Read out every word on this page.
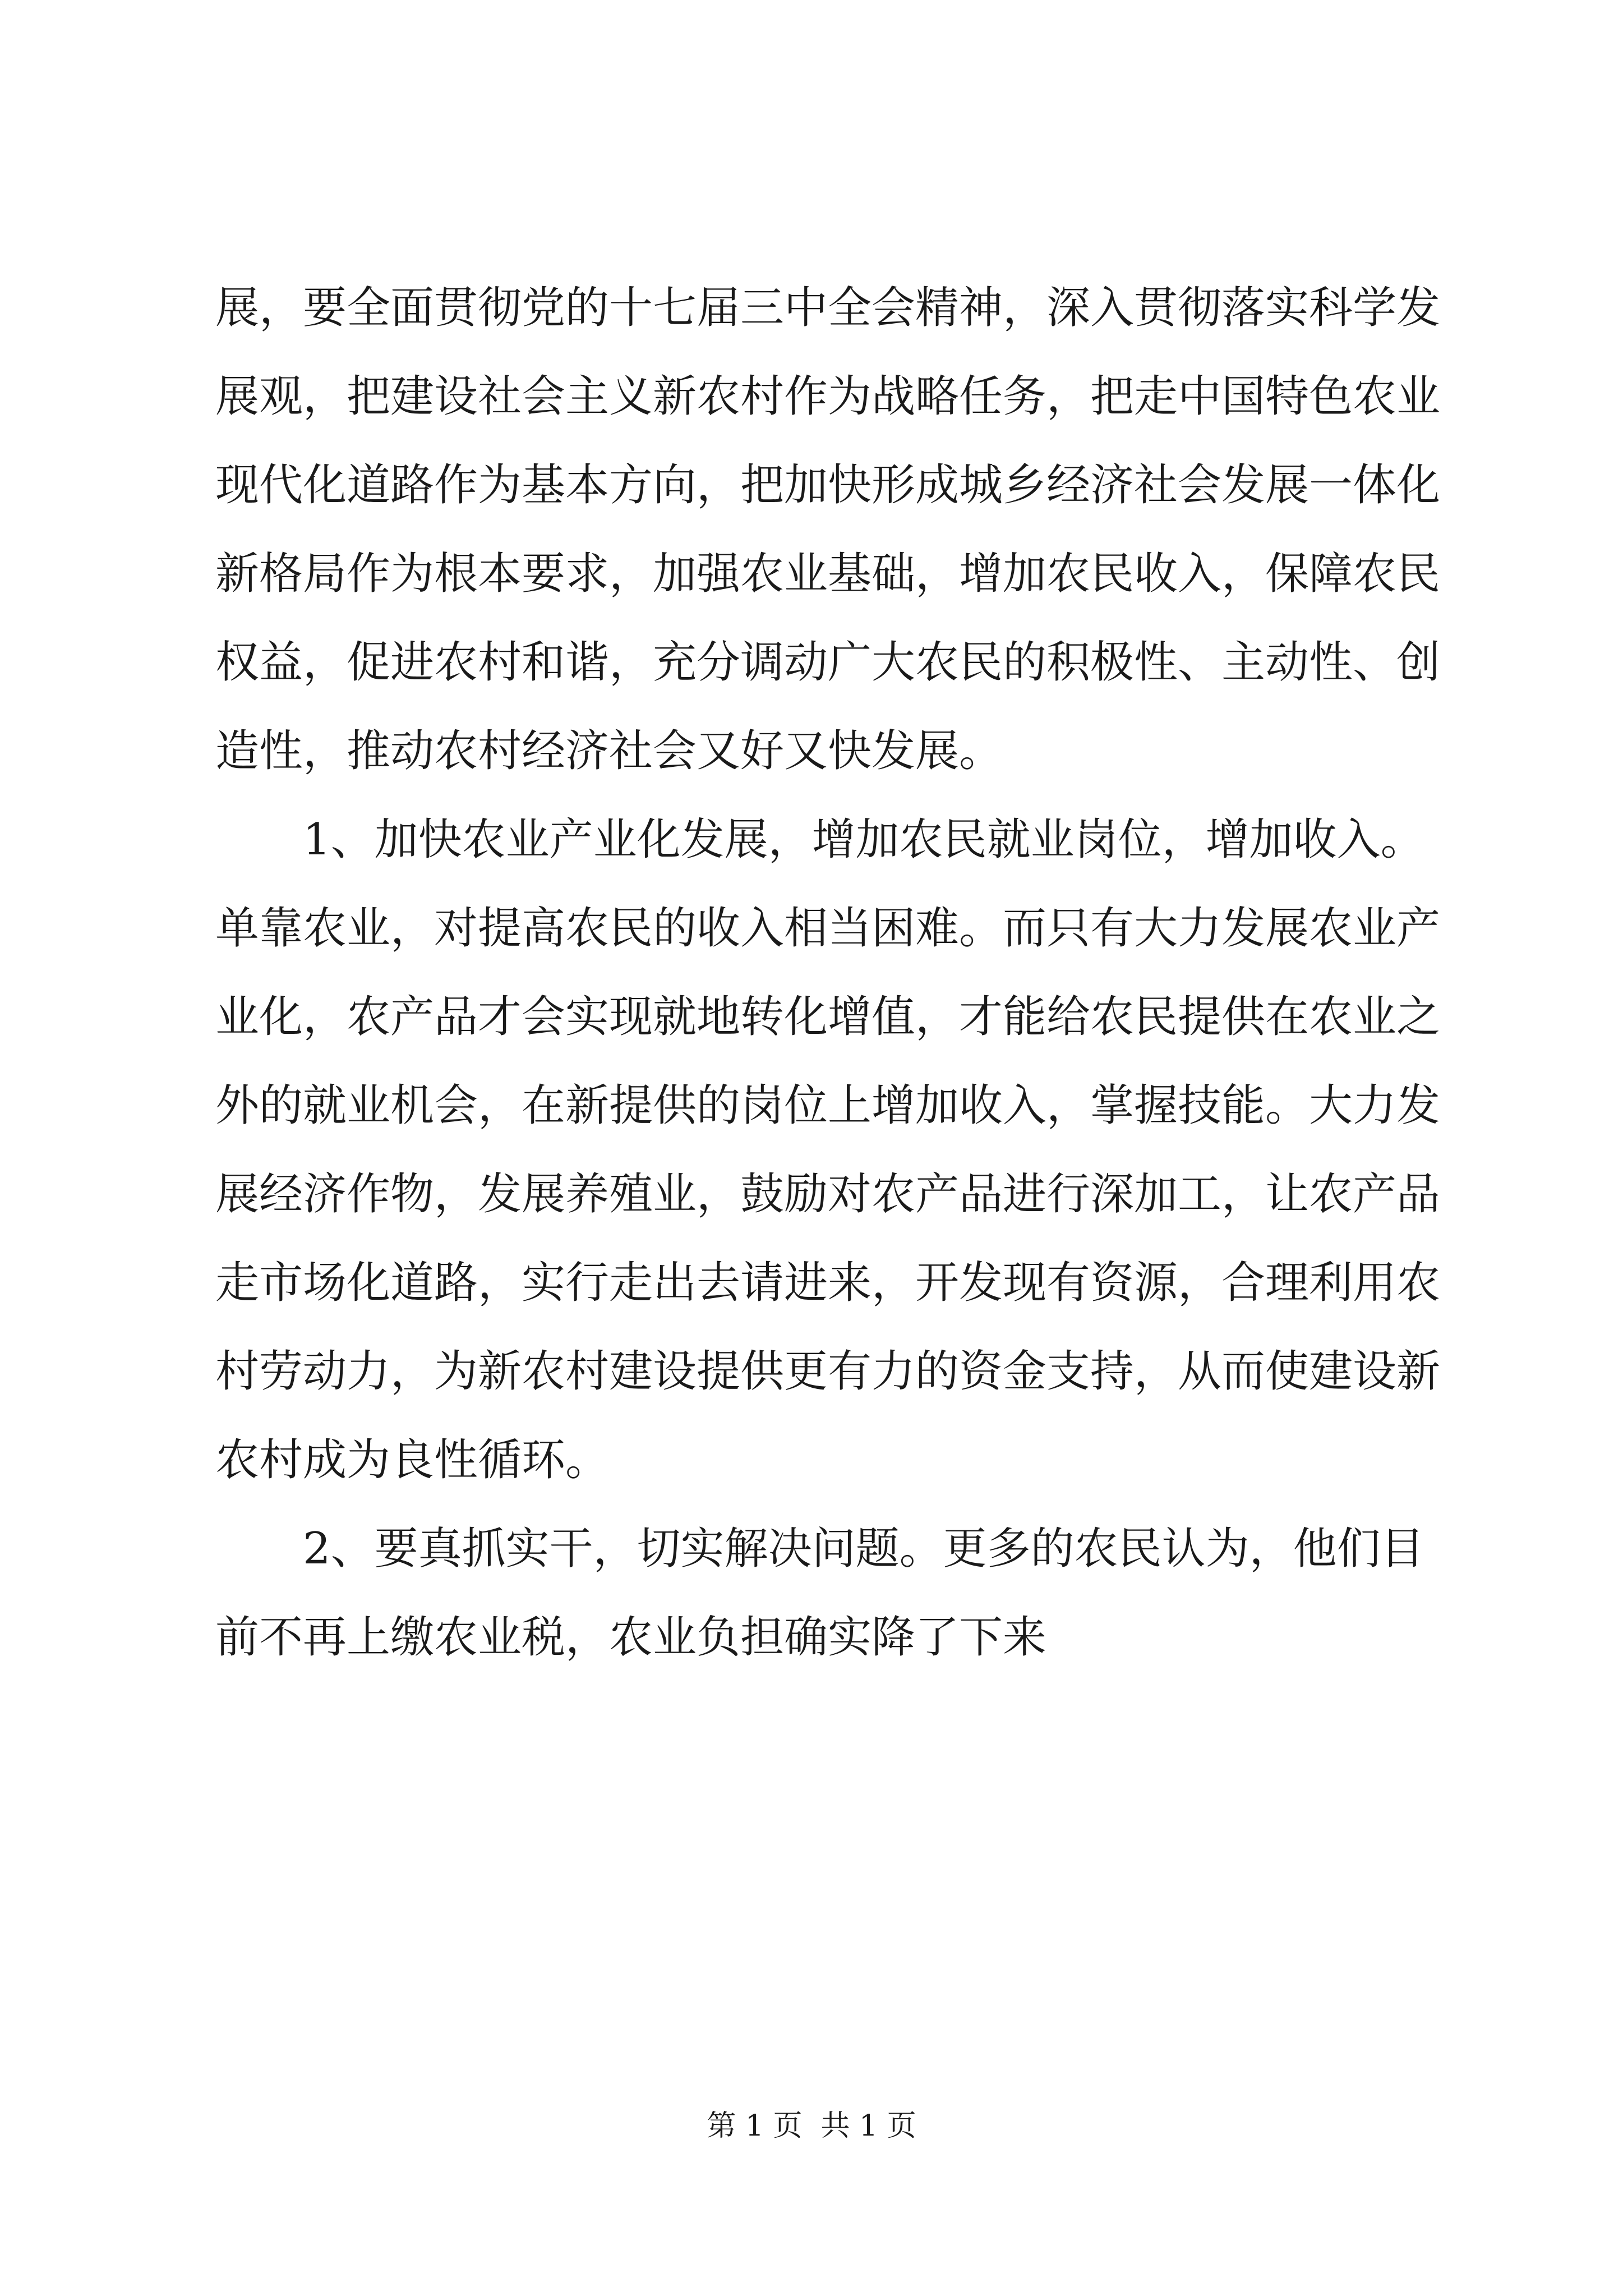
展，要全面贯彻党的十七届三中全会精神，深入贯彻落实科学发
展观，把建设社会主义新农村作为战略任务，把走中国特色农业
现代化道路作为基本方向，把加快形成城乡经济社会发展一体化
新格局作为根本要求，加强农业基础，增加农民收入，保障农民
权益，促进农村和谐，充分调动广大农民的积极性、主动性、创
造性，推动农村经济社会又好又快发展。
1、加快农业产业化发展，增加农民就业岗位，增加收入。
单靠农业，对提高农民的收入相当困难。而只有大力发展农业产
业化，农产品才会实现就地转化增值，才能给农民提供在农业之
外的就业机会，在新提供的岗位上增加收入，掌握技能。大力发
展经济作物，发展养殖业，鼓励对农产品进行深加工，让农产品
走市场化道路，实行走出去请进来，开发现有资源，合理利用农
村劳动力，为新农村建设提供更有力的资金支持，从而使建设新
农村成为良性循环。
2、要真抓实干，切实解决问题。更多的农民认为，他们目
前不再上缴农业税，农业负担确实降了下来
第 1 页  共 1 页
